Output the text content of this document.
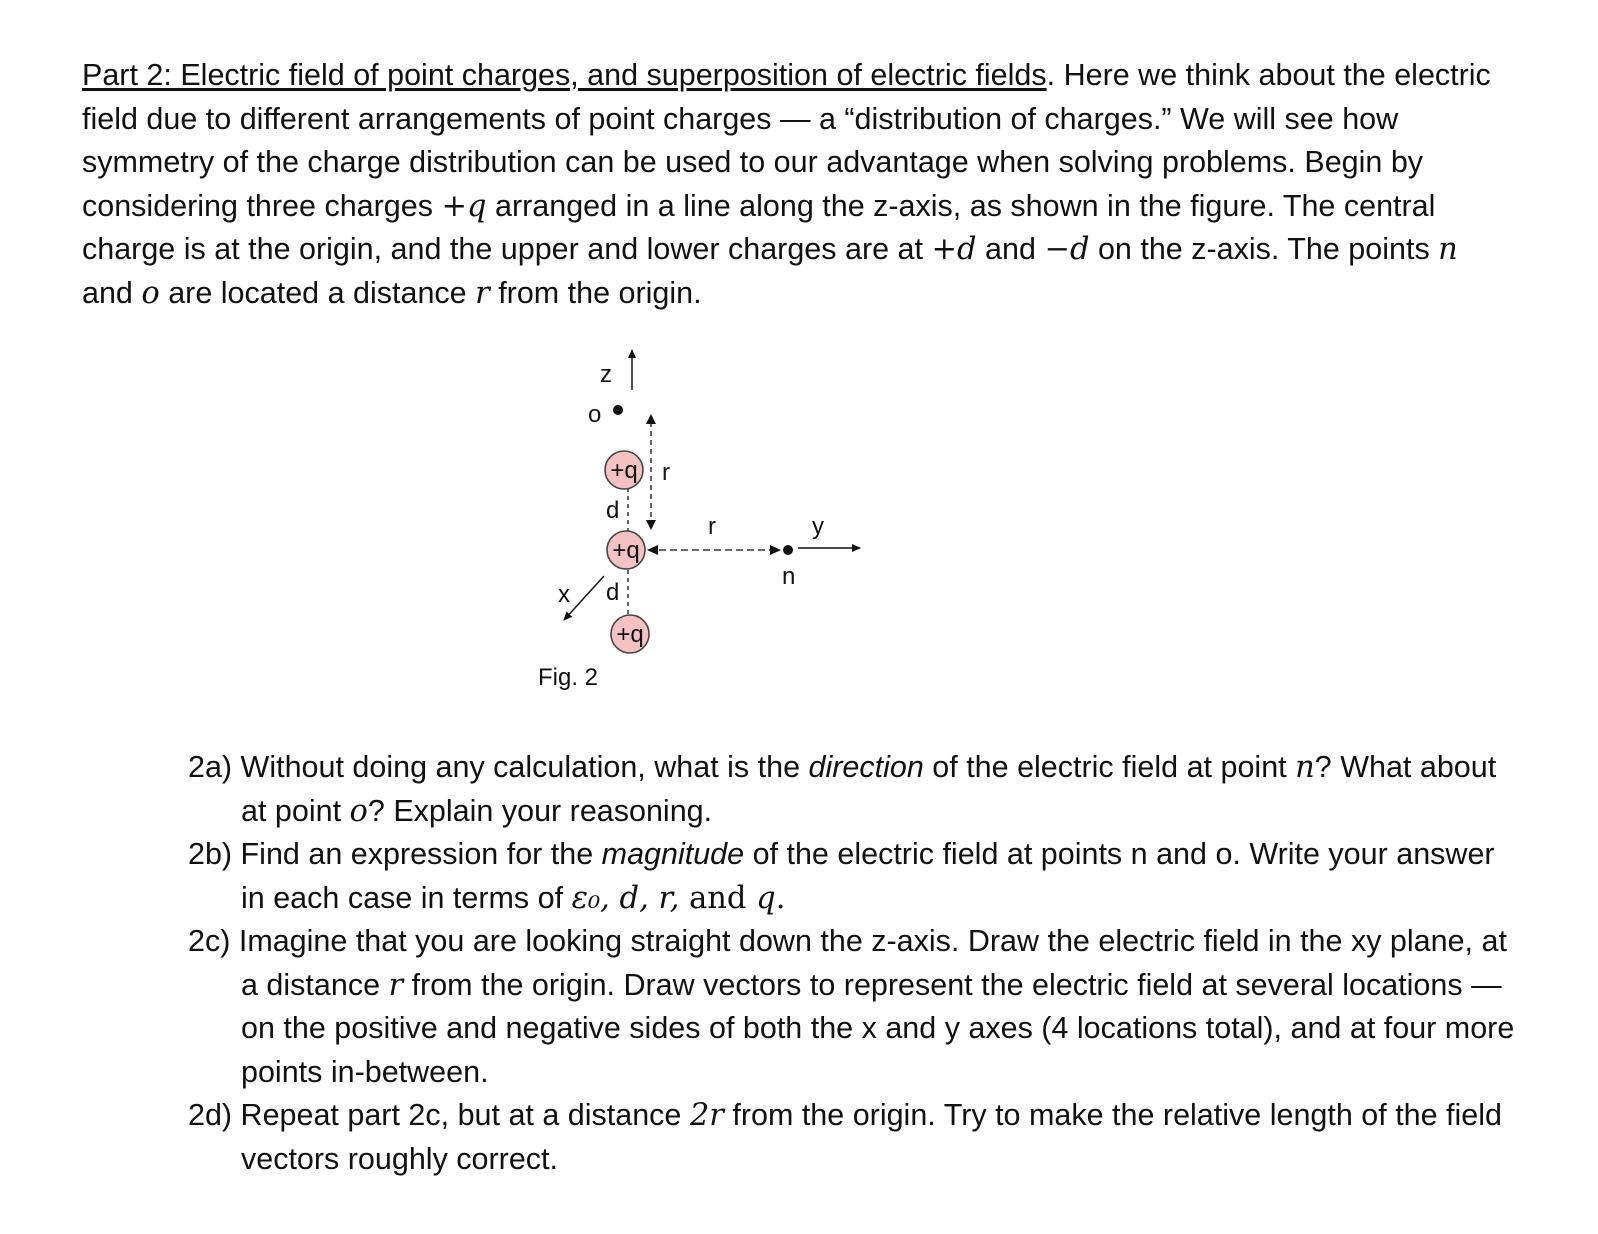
Part 2: Electric field of point charges, and superposition of electric fields. Here we think about the electric field due to different arrangements of point charges — a “distribution of charges.” We will see how symmetry of the charge distribution can be used to our advantage when solving problems. Begin by considering three charges +q arranged in a line along the z-axis, as shown in the figure. The central charge is at the origin, and the upper and lower charges are at +d and −d on the z-axis. The points n and o are located a distance r from the origin.

z
o
r
d
d
r
n
y
x
+q
+q
+q
Fig. 2

2a) Without doing any calculation, what is the direction of the electric field at point n? What about at point o? Explain your reasoning.

2b) Find an expression for the magnitude of the electric field at points n and o. Write your answer in each case in terms of ε₀, d, r, and q.

2c) Imagine that you are looking straight down the z-axis. Draw the electric field in the xy plane, at a distance r from the origin. Draw vectors to represent the electric field at several locations — on the positive and negative sides of both the x and y axes (4 locations total), and at four more points in-between.

2d) Repeat part 2c, but at a distance 2r from the origin. Try to make the relative length of the field vectors roughly correct.
